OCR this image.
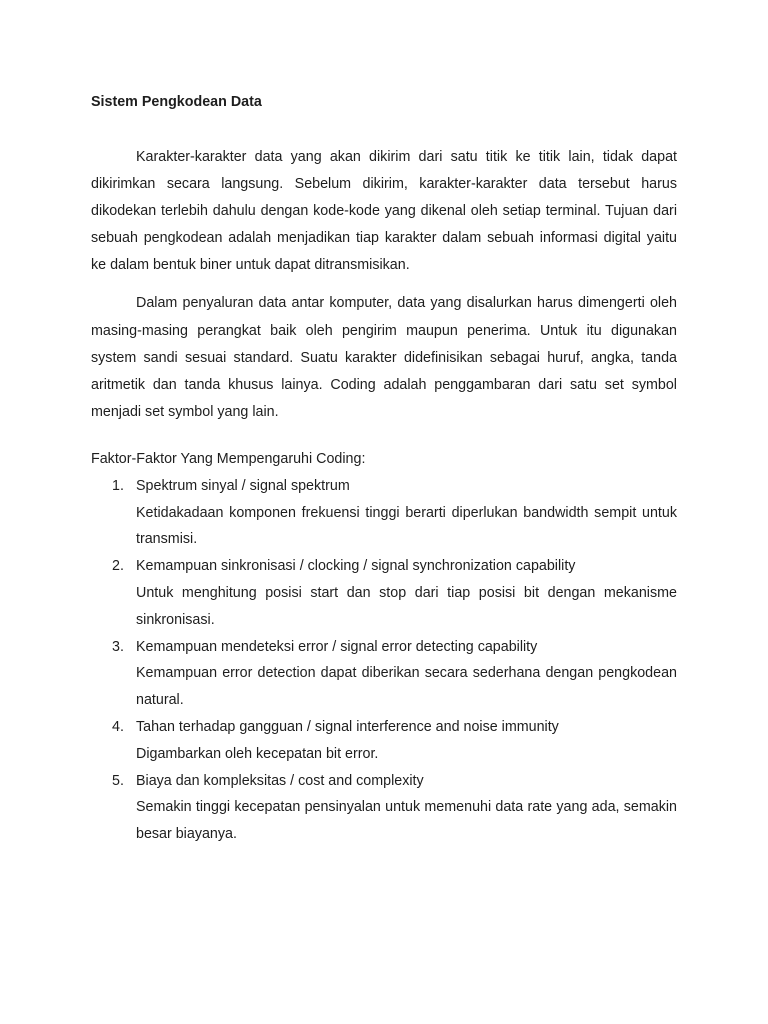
Sistem Pengkodean Data

Karakter-karakter data yang akan dikirim dari satu titik ke titik lain, tidak dapat dikirimkan secara langsung. Sebelum dikirim, karakter-karakter data tersebut harus dikodekan terlebih dahulu dengan kode-kode yang dikenal oleh setiap terminal. Tujuan dari sebuah pengkodean adalah menjadikan tiap karakter dalam sebuah informasi digital yaitu ke dalam bentuk biner untuk dapat ditransmisikan.

Dalam penyaluran data antar komputer, data yang disalurkan harus dimengerti oleh masing-masing perangkat baik oleh pengirim maupun penerima. Untuk itu digunakan system sandi sesuai standard. Suatu karakter didefinisikan sebagai huruf, angka, tanda aritmetik dan tanda khusus lainya. Coding adalah penggambaran dari satu set symbol menjadi set symbol yang lain.

Faktor-Faktor Yang Mempengaruhi Coding:

1. Spektrum sinyal / signal spektrum
Ketidakadaan komponen frekuensi tinggi berarti diperlukan bandwidth sempit untuk transmisi.
2. Kemampuan sinkronisasi / clocking / signal synchronization capability
Untuk menghitung posisi start dan stop dari tiap posisi bit dengan mekanisme sinkronisasi.
3. Kemampuan mendeteksi error / signal error detecting capability
Kemampuan error detection dapat diberikan secara sederhana dengan pengkodean natural.
4. Tahan terhadap gangguan / signal interference and noise immunity
Digambarkan oleh kecepatan bit error.
5. Biaya dan kompleksitas / cost and complexity
Semakin tinggi kecepatan pensinyalan untuk memenuhi data rate yang ada, semakin besar biayanya.
